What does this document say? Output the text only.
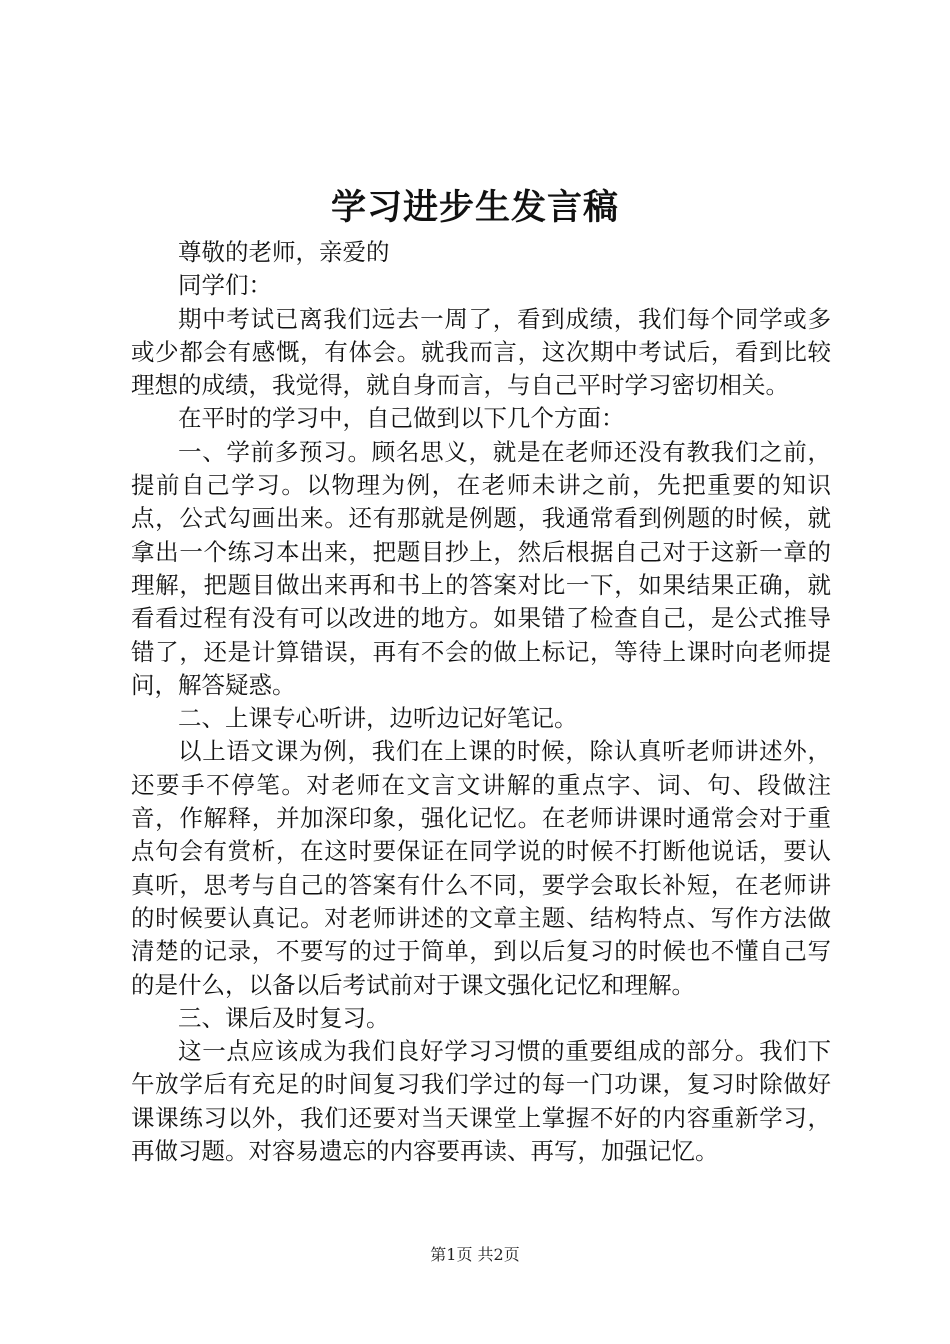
学习进步生发言稿

尊敬的老师，亲爱的

同学们：

期中考试已离我们远去一周了，看到成绩，我们每个同学或多或少都会有感慨，有体会。就我而言，这次期中考试后，看到比较理想的成绩，我觉得，就自身而言，与自己平时学习密切相关。

在平时的学习中，自己做到以下几个方面：

一、学前多预习。顾名思义，就是在老师还没有教我们之前，提前自己学习。以物理为例，在老师未讲之前，先把重要的知识点，公式勾画出来。还有那就是例题，我通常看到例题的时候，就拿出一个练习本出来，把题目抄上，然后根据自己对于这新一章的理解，把题目做出来再和书上的答案对比一下，如果结果正确，就看看过程有没有可以改进的地方。如果错了检查自己，是公式推导错了，还是计算错误，再有不会的做上标记，等待上课时向老师提问，解答疑惑。

二、上课专心听讲，边听边记好笔记。

以上语文课为例，我们在上课的时候，除认真听老师讲述外，还要手不停笔。对老师在文言文讲解的重点字、词、句、段做注音，作解释，并加深印象，强化记忆。在老师讲课时通常会对于重点句会有赏析，在这时要保证在同学说的时候不打断他说话，要认真听，思考与自己的答案有什么不同，要学会取长补短，在老师讲的时候要认真记。对老师讲述的文章主题、结构特点、写作方法做清楚的记录，不要写的过于简单，到以后复习的时候也不懂自己写的是什么，以备以后考试前对于课文强化记忆和理解。

三、课后及时复习。

这一点应该成为我们良好学习习惯的重要组成的部分。我们下午放学后有充足的时间复习我们学过的每一门功课，复习时除做好课课练习以外，我们还要对当天课堂上掌握不好的内容重新学习，再做习题。对容易遗忘的内容要再读、再写，加强记忆。

第1页 共2页
